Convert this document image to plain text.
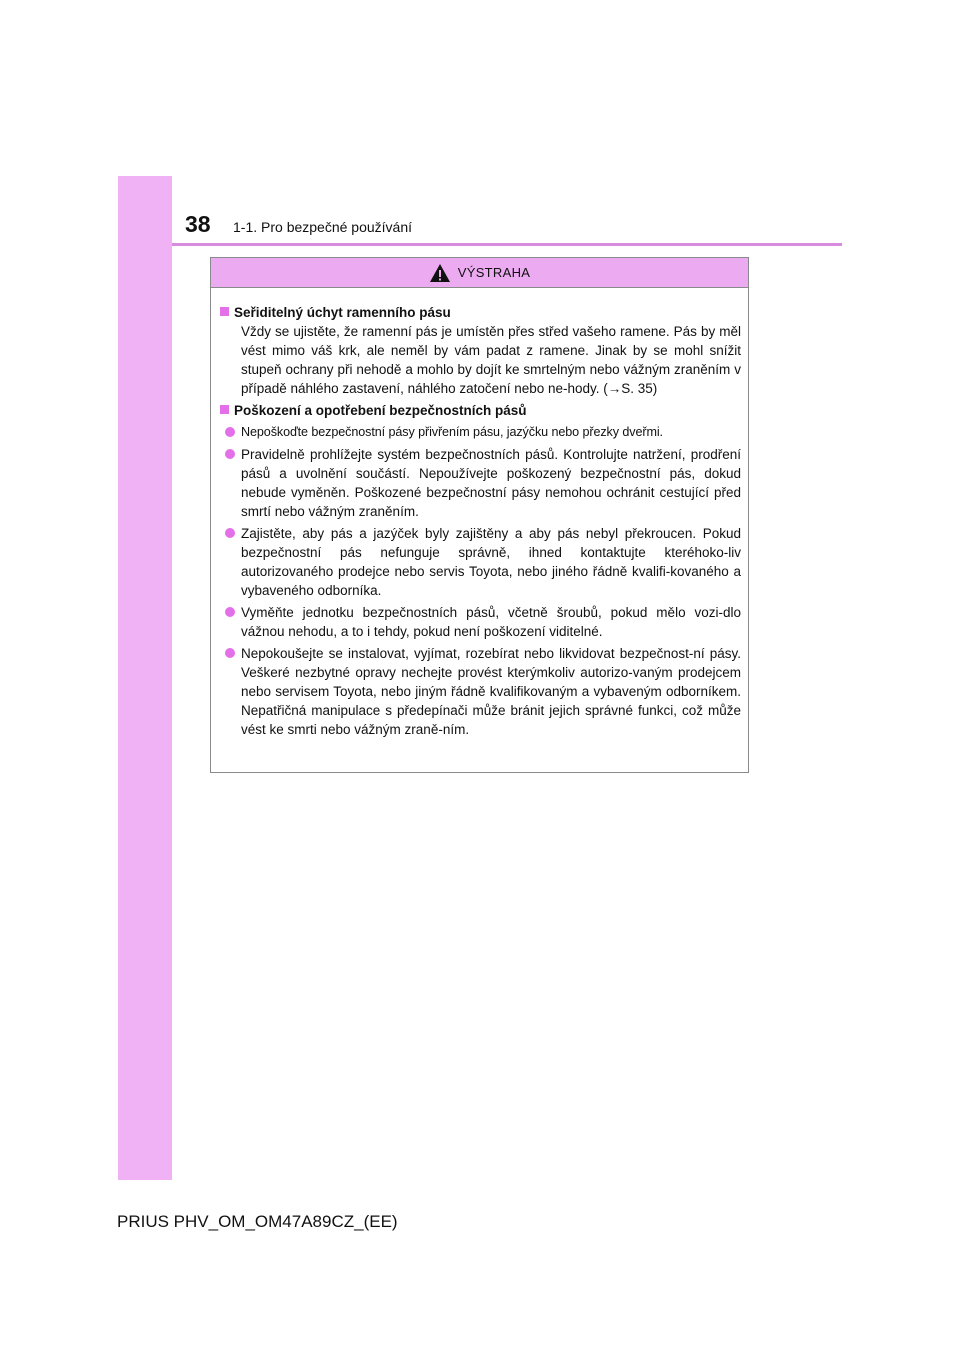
38 1-1. Pro bezpečné používání
VÝSTRAHA
Seřiditelný úchyt ramenního pásu
Vždy se ujistěte, že ramenní pás je umístěn přes střed vašeho ramene. Pás by měl vést mimo váš krk, ale neměl by vám padat z ramene. Jinak by se mohl snížit stupeň ochrany při nehodě a mohlo by dojít ke smrtelným nebo vážným zraněním v případě náhlého zastavení, náhlého zatočení nebo ne-hody. (→S. 35)
Poškození a opotřebení bezpečnostních pásů
Nepoškoďte bezpečnostní pásy přivřením pásu, jazýčku nebo přezky dveřmi.
Pravidelně prohlížejte systém bezpečnostních pásů. Kontrolujte natržení, prodření pásů a uvolnění součástí. Nepoužívejte poškozený bezpečnostní pás, dokud nebude vyměněn. Poškozené bezpečnostní pásy nemohou ochránit cestující před smrtí nebo vážným zraněním.
Zajistěte, aby pás a jazýček byly zajištěny a aby pás nebyl překroucen. Pokud bezpečnostní pás nefunguje správně, ihned kontaktujte kteréhoko-liv autorizovaného prodejce nebo servis Toyota, nebo jiného řádně kvalifi-kovaného a vybaveného odborníka.
Vyměňte jednotku bezpečnostních pásů, včetně šroubů, pokud mělo vozi-dlo vážnou nehodu, a to i tehdy, pokud není poškození viditelné.
Nepokoušejte se instalovat, vyjímat, rozebírat nebo likvidovat bezpečnost-ní pásy. Veškeré nezbytné opravy nechejte provést kterýmkoliv autorizo-vaným prodejcem nebo servisem Toyota, nebo jiným řádně kvalifikovaným a vybaveným odborníkem. Nepatřičná manipulace s předepínači může bránit jejich správné funkci, což může vést ke smrti nebo vážným zraně-ním.
PRIUS PHV_OM_OM47A89CZ_(EE)
